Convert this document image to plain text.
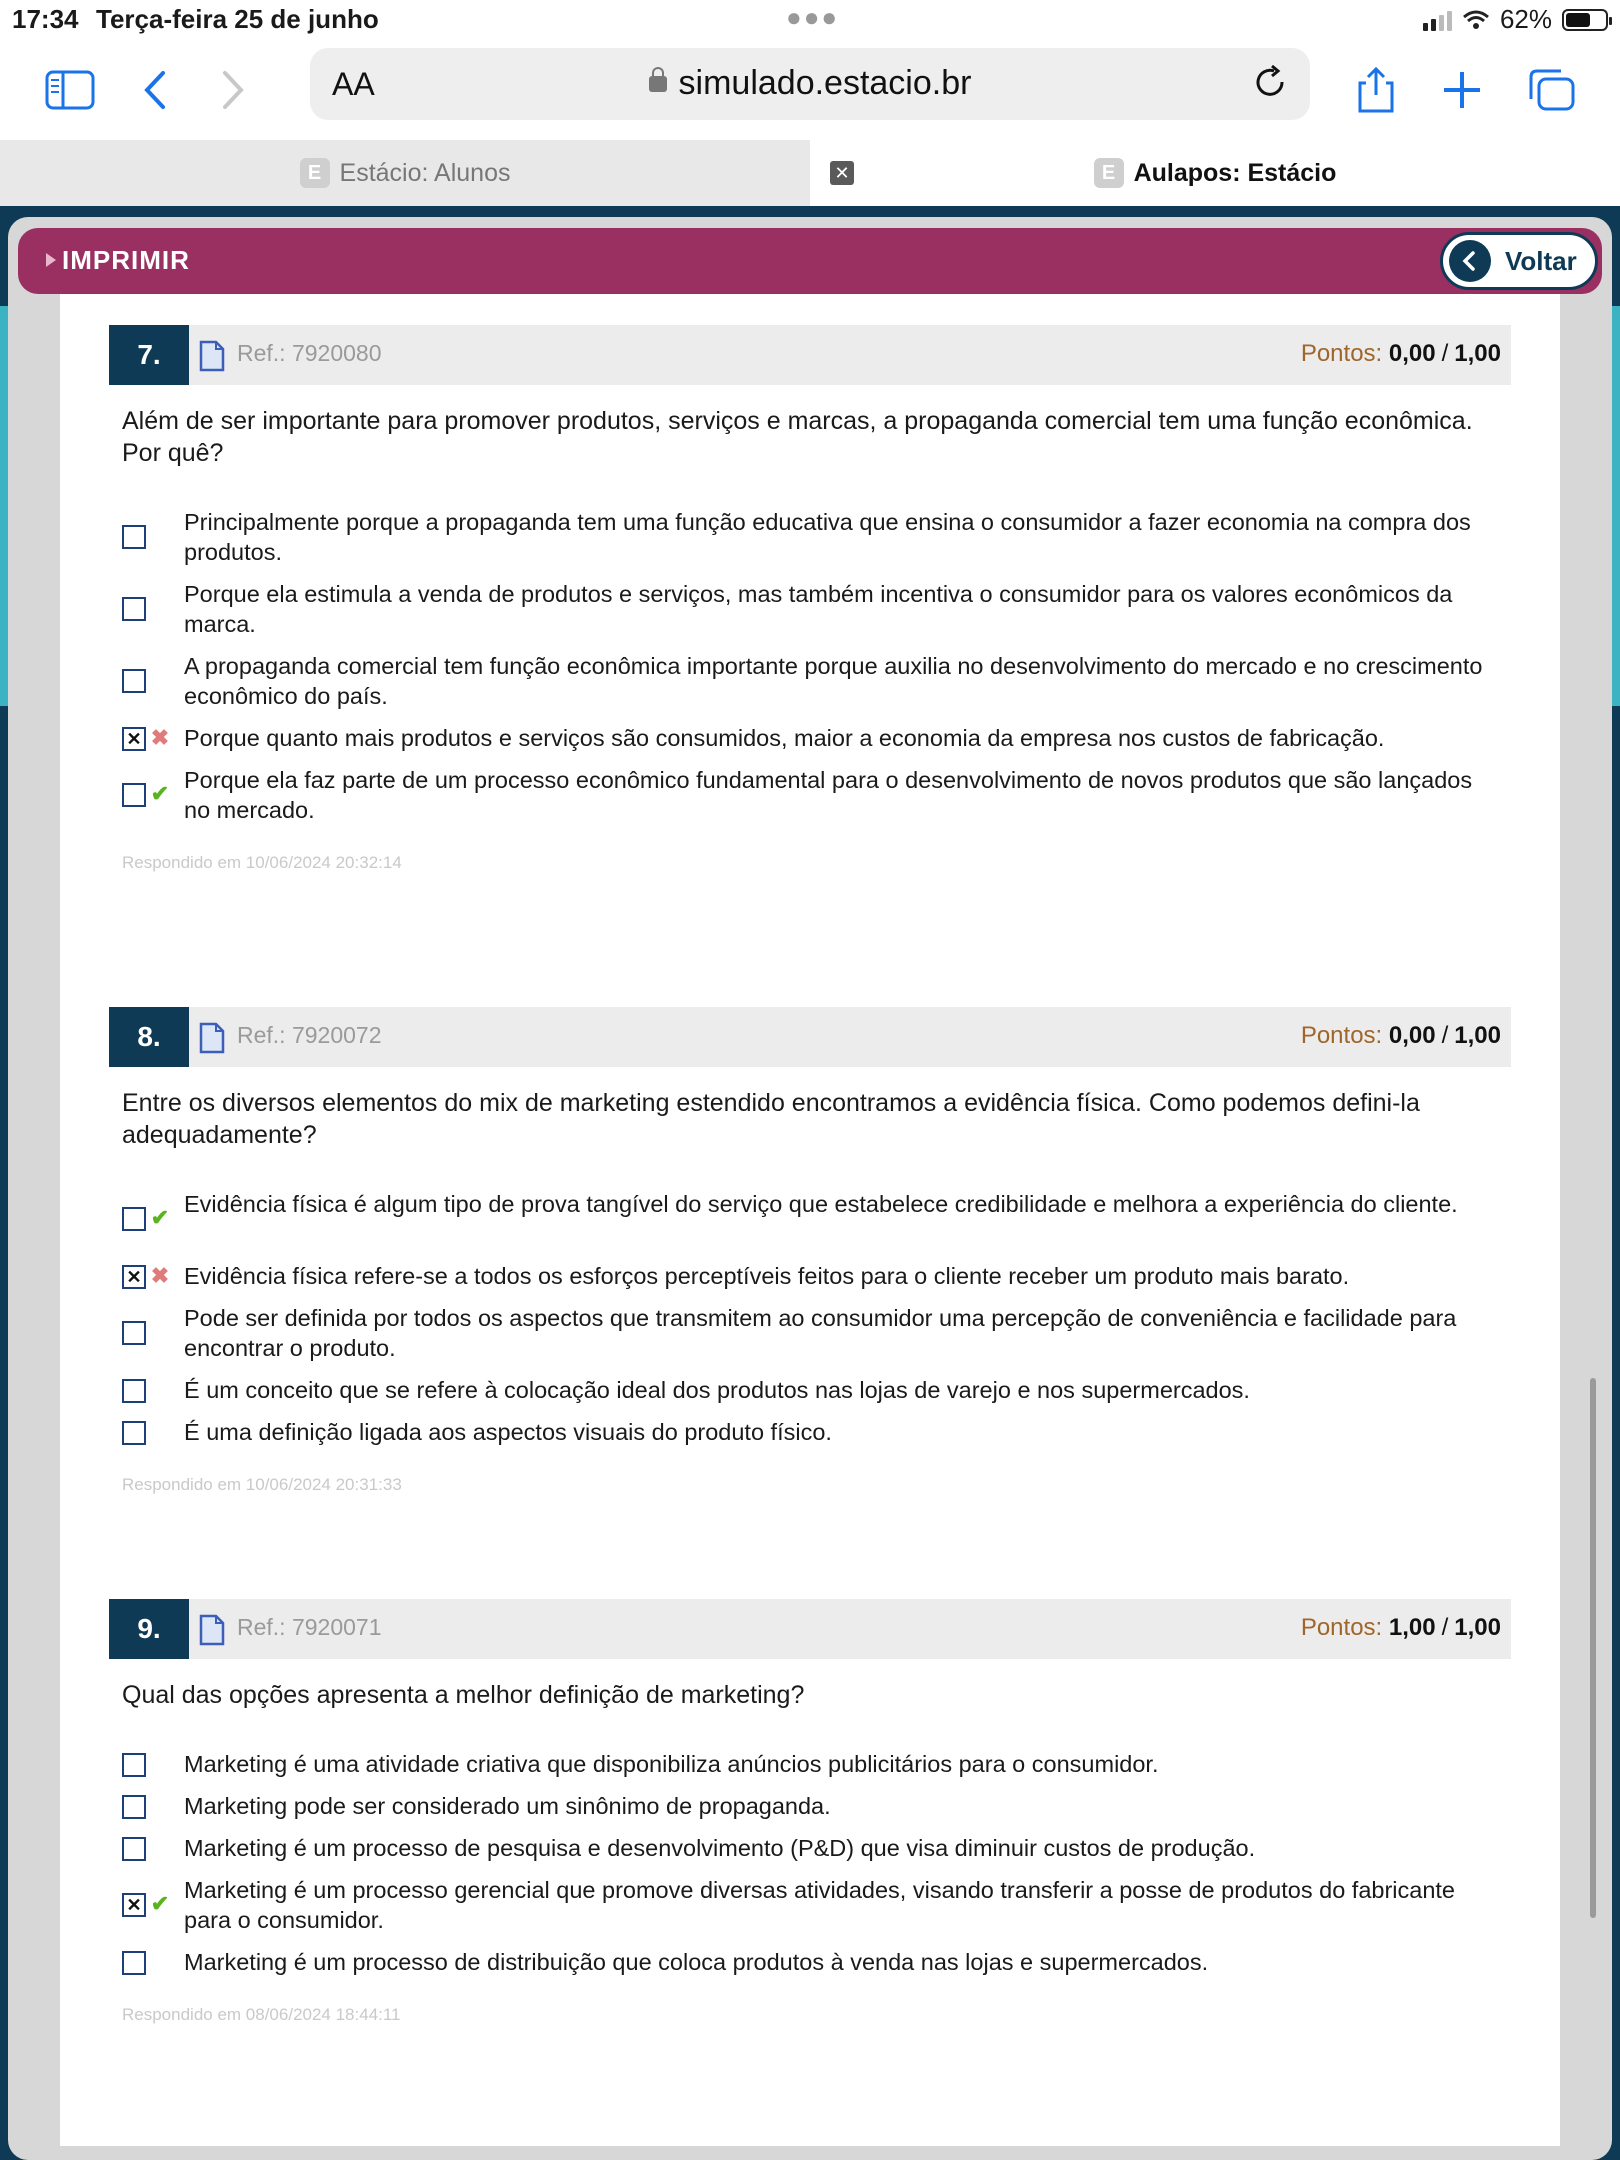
17:34 Terça-feira 25 de junho	●●●	62%
AA	simulado.estacio.br
E Estácio: Alunos	E Aulapos: Estácio
✕
IMPRIMIR	Voltar
7.	Ref.: 7920080	Pontos: 0,00 / 1,00
Além de ser importante para promover produtos, serviços e marcas, a propaganda comercial tem uma função econômica. Por quê?
Principalmente porque a propaganda tem uma função educativa que ensina o consumidor a fazer economia na compra dos produtos.
Porque ela estimula a venda de produtos e serviços, mas também incentiva o consumidor para os valores econômicos da marca.
A propaganda comercial tem função econômica importante porque auxilia no desenvolvimento do mercado e no crescimento econômico do país.
✕ ✖ Porque quanto mais produtos e serviços são consumidos, maior a economia da empresa nos custos de fabricação.
✔
Porque ela faz parte de um processo econômico fundamental para o desenvolvimento de novos produtos que são lançados no mercado.
Respondido em 10/06/2024 20:32:14
8.	Ref.: 7920072	Pontos: 0,00 / 1,00
Entre os diversos elementos do mix de marketing estendido encontramos a evidência física. Como podemos defini-la adequadamente?
✔
Evidência física é algum tipo de prova tangível do serviço que estabelece credibilidade e melhora a experiência do cliente.
✕ ✖ Evidência física refere-se a todos os esforços perceptíveis feitos para o cliente receber um produto mais barato.
Pode ser definida por todos os aspectos que transmitem ao consumidor uma percepção de conveniência e facilidade para encontrar o produto.
É um conceito que se refere à colocação ideal dos produtos nas lojas de varejo e nos supermercados.
É uma definição ligada aos aspectos visuais do produto físico.
Respondido em 10/06/2024 20:31:33
9.	Ref.: 7920071	Pontos: 1,00 / 1,00
Qual das opções apresenta a melhor definição de marketing?
Marketing é uma atividade criativa que disponibiliza anúncios publicitários para o consumidor.
Marketing pode ser considerado um sinônimo de propaganda.
Marketing é um processo de pesquisa e desenvolvimento (P&D) que visa diminuir custos de produção.
✕ ✔
Marketing é um processo gerencial que promove diversas atividades, visando transferir a posse de produtos do fabricante para o consumidor.
Marketing é um processo de distribuição que coloca produtos à venda nas lojas e supermercados.
Respondido em 08/06/2024 18:44:11
